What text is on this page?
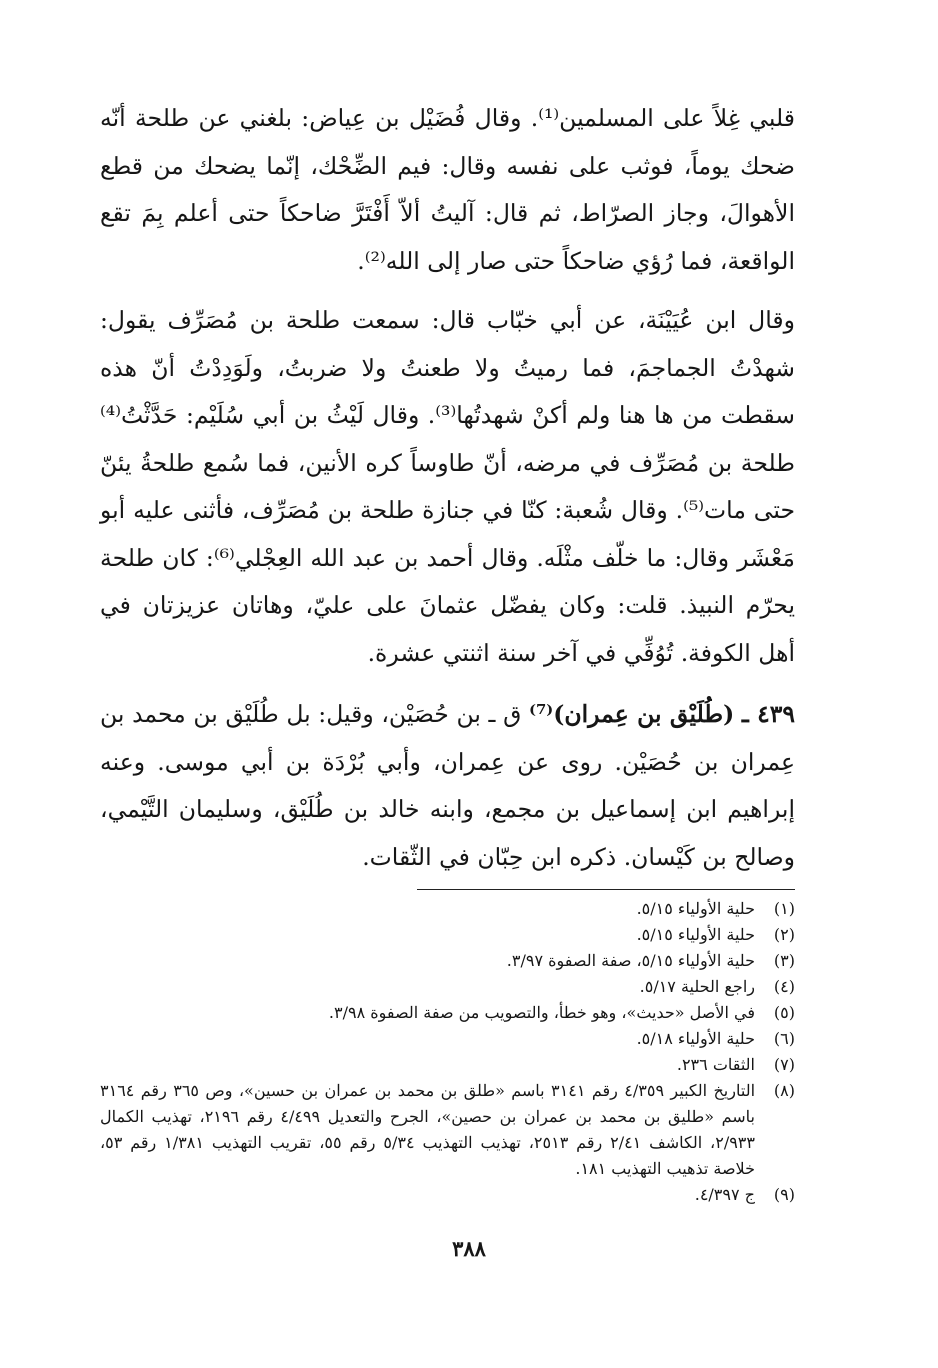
قلبي غِلاً على المسلمين⁽¹⁾. وقال فُضَيْل بن عِياض: بلغني عن طلحة أنّه ضحك يوماً، فوثب على نفسه وقال: فيم الضِّحْك، إنّما يضحك من قطع الأهوالَ، وجاز الصرّاط، ثم قال: آليتُ ألاّ أَفْتَرَّ ضاحكاً حتى أعلم بِمَ تقع الواقعة، فما رُؤي ضاحكاً حتى صار إلى الله⁽²⁾.

وقال ابن عُيَيْنَة، عن أبي خبّاب قال: سمعت طلحة بن مُصَرِّف يقول: شهدْتُ الجماجمَ، فما رميتُ ولا طعنتُ ولا ضربتُ، ولَوَدِدْتُ أنّ هذه سقطت من ها هنا ولم أكنْ شهدتُها⁽³⁾. وقال لَيْثُ بن أبي سُلَيْم: حَدَّثْتُ⁽⁴⁾ طلحة بن مُصَرِّف في مرضه، أنّ طاوساً كره الأنين، فما سُمع طلحةُ يئنّ حتى مات⁽⁵⁾. وقال شُعبة: كنّا في جنازة طلحة بن مُصَرِّف، فأثنى عليه أبو مَعْشَر وقال: ما خلّف مثْلَه. وقال أحمد بن عبد الله العِجْلي⁽⁶⁾: كان طلحة يحرّم النبيذ. قلت: وكان يفضّل عثمانَ على عليّ، وهاتان عزيزتان في أهل الكوفة. تُوُفِّي في آخر سنة اثنتي عشرة.

٤٣٩ ـ (طُلَيْق بن عِمران)⁽⁷⁾ ق ـ بن حُصَيْن، وقيل: بل طُلَيْق بن محمد بن عِمران بن حُصَيْن. روى عن عِمران، وأبي بُرْدَة بن أبي موسى. وعنه إبراهيم ابن إسماعيل بن مجمع، وابنه خالد بن طُلَيْق، وسليمان التَّيْمي، وصالح بن كَيْسان. ذكره ابن حِبّان في الثّقات.

(١)
حلية الأولياء ٥/١٥.
(٢)
حلية الأولياء ٥/١٥.
(٣)
حلية الأولياء ٥/١٥، صفة الصفوة ٣/٩٧.
(٤)
راجع الحلية ٥/١٧.
(٥)
في الأصل «حديث»، وهو خطأ، والتصويب من صفة الصفوة ٣/٩٨.
(٦)
حلية الأولياء ٥/١٨.
(٧)
الثقات ٢٣٦.
(٨)
التاريخ الكبير ٤/٣٥٩ رقم ٣١٤١ باسم «طلق بن محمد بن عمران بن حسين»، وص ٣٦٥ رقم ٣١٦٤ باسم «طليق بن محمد بن عمران بن حصين»، الجرح والتعديل ٤/٤٩٩ رقم ٢١٩٦، تهذيب الكمال ٢/٩٣٣، الكاشف ٢/٤١ رقم ٢٥١٣، تهذيب التهذيب ٥/٣٤ رقم ٥٥، تقريب التهذيب ١/٣٨١ رقم ٥٣، خلاصة تذهيب التهذيب ١٨١.
(٩)
ج ٤/٣٩٧.
٣٨٨
